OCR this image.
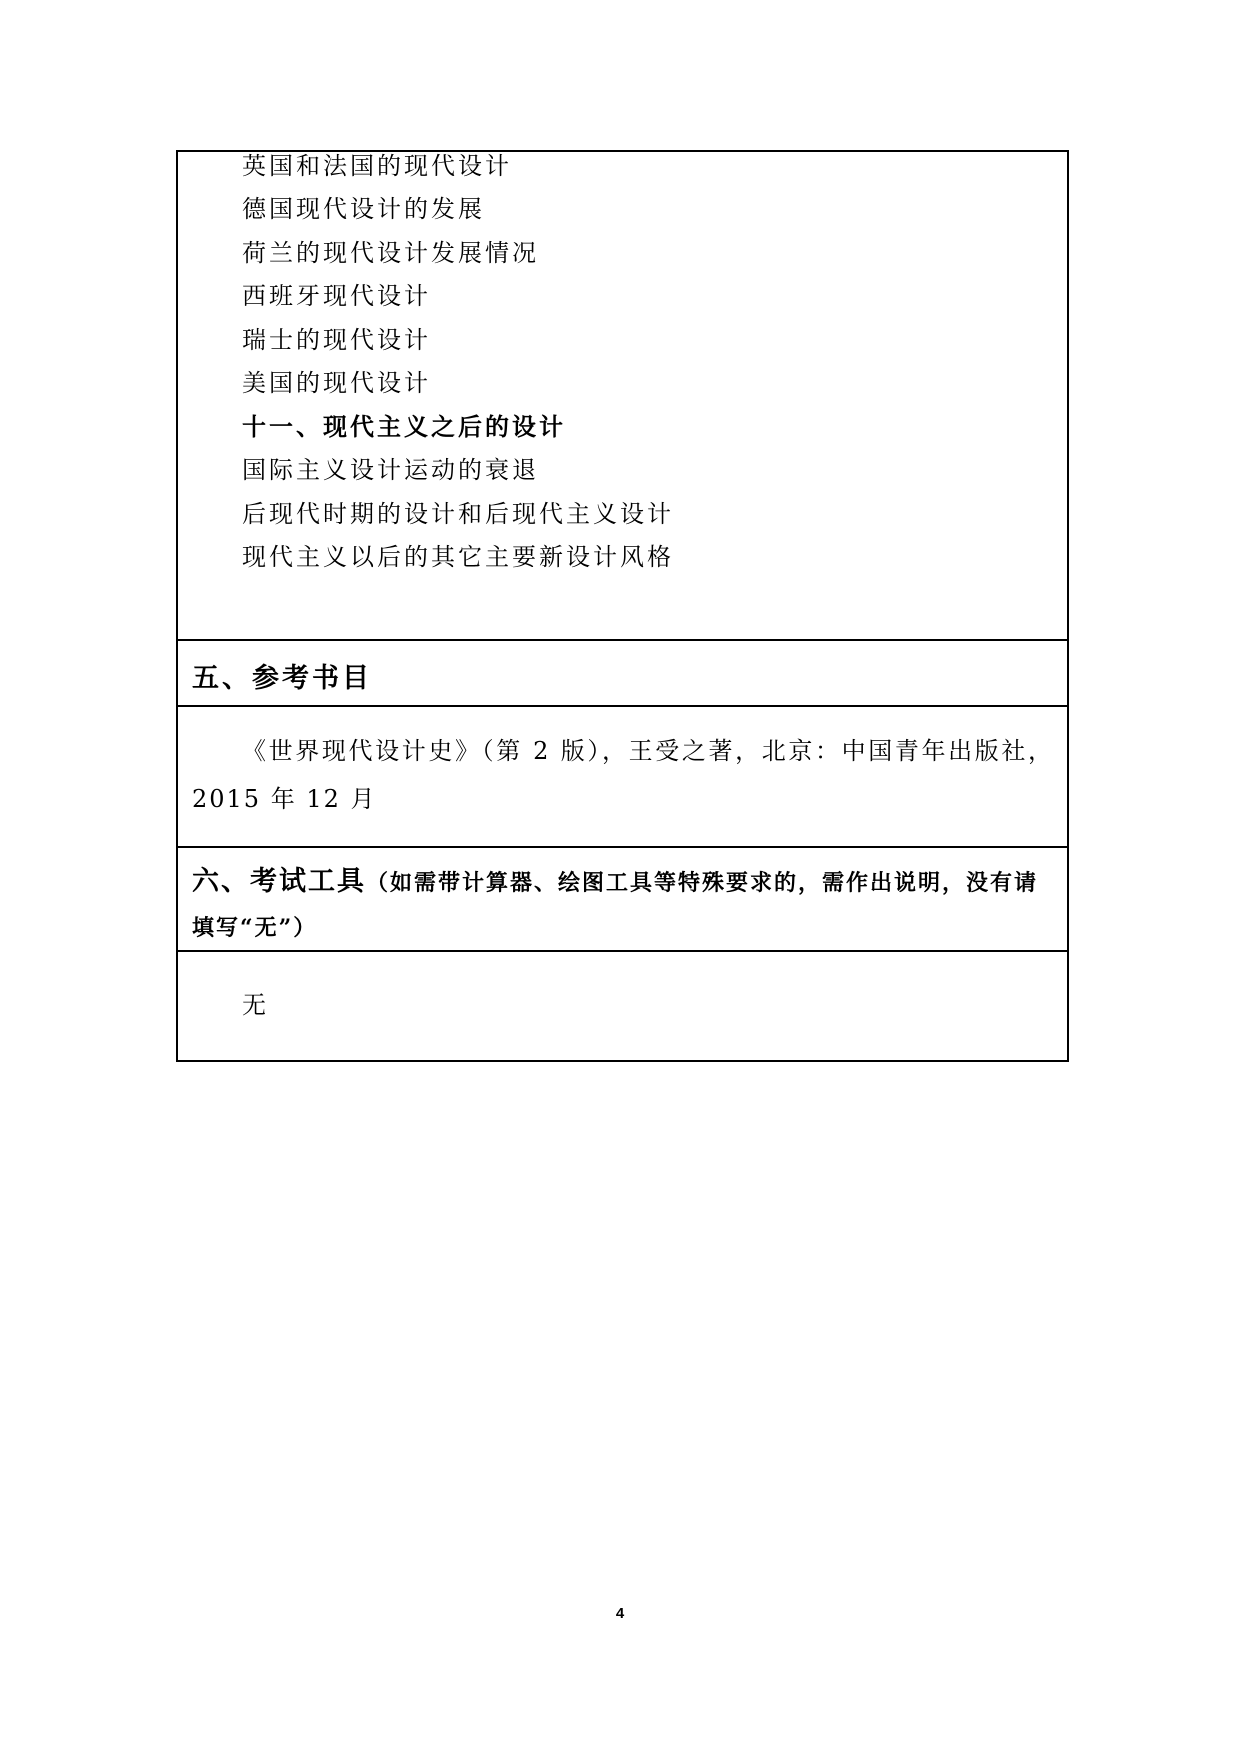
英国和法国的现代设计
德国现代设计的发展
荷兰的现代设计发展情况
西班牙现代设计
瑞士的现代设计
美国的现代设计
十一、现代主义之后的设计
国际主义设计运动的衰退
后现代时期的设计和后现代主义设计
现代主义以后的其它主要新设计风格
五、参考书目
《世界现代设计史》（第 2 版），王受之著，北京：中国青年出版社，2015 年 12 月
六、考试工具（如需带计算器、绘图工具等特殊要求的，需作出说明，没有请填写“无”）
无
4
